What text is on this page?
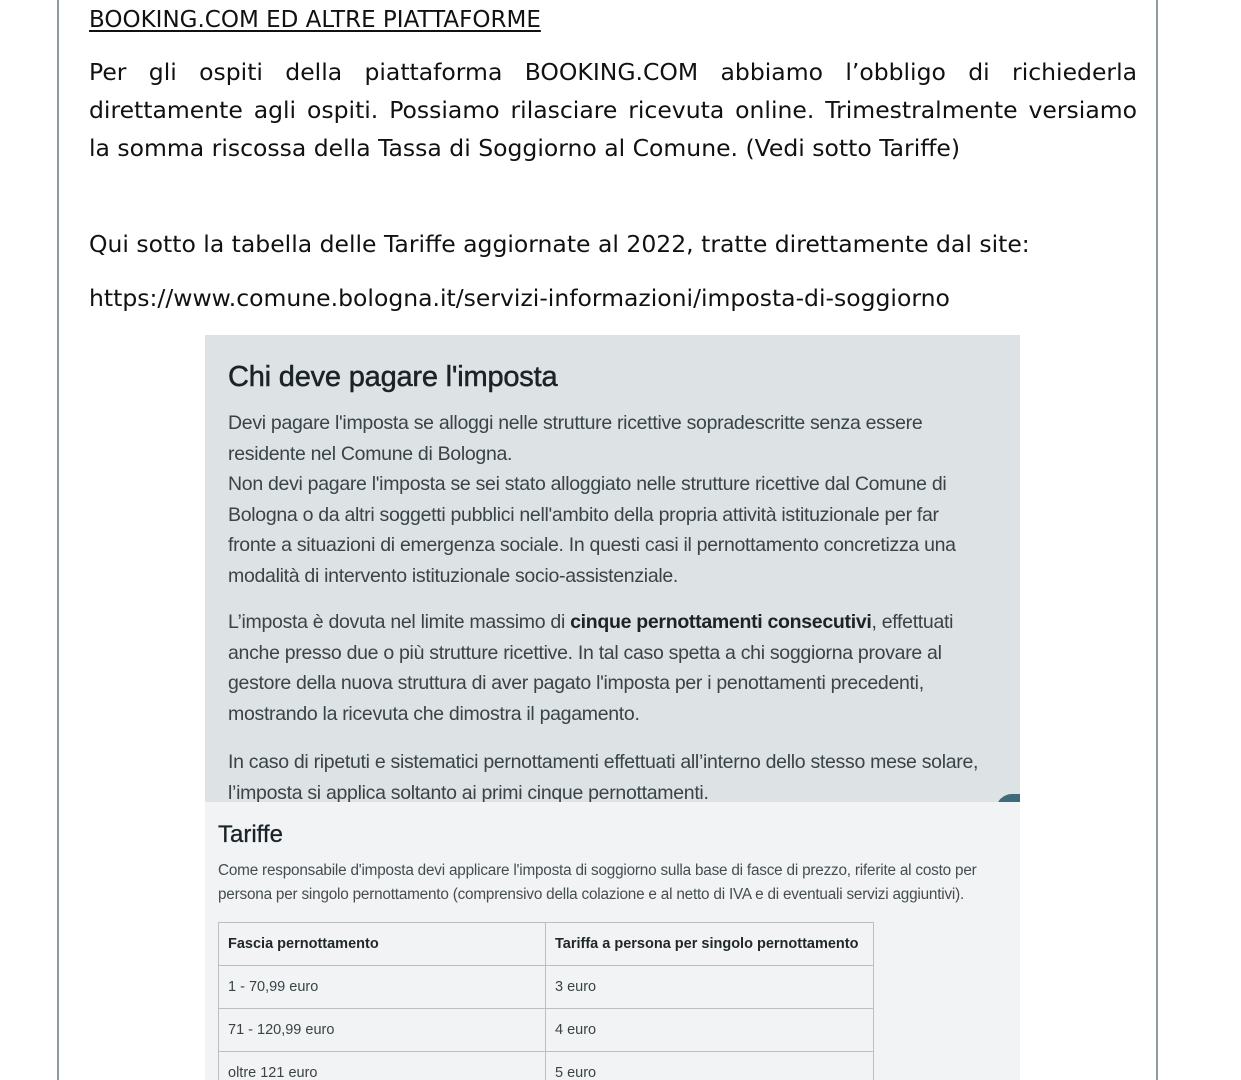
BOOKING.COM ED ALTRE PIATTAFORME
Per gli ospiti della piattaforma BOOKING.COM abbiamo l’obbligo di richiederla direttamente agli ospiti. Possiamo rilasciare ricevuta online. Trimestralmente versiamo la somma riscossa della Tassa di Soggiorno al Comune. (Vedi sotto Tariffe)
Qui sotto la tabella delle Tariffe aggiornate al 2022, tratte direttamente dal site:
https://www.comune.bologna.it/servizi-informazioni/imposta-di-soggiorno
Chi deve pagare l'imposta
Devi pagare l'imposta se alloggi nelle strutture ricettive sopradescritte senza essere residente nel Comune di Bologna.
Non devi pagare l'imposta se sei stato alloggiato nelle strutture ricettive dal Comune di Bologna o da altri soggetti pubblici nell'ambito della propria attività istituzionale per far fronte a situazioni di emergenza sociale. In questi casi il pernottamento concretizza una modalità di intervento istituzionale socio-assistenziale.
L’imposta è dovuta nel limite massimo di cinque pernottamenti consecutivi, effettuati anche presso due o più strutture ricettive. In tal caso spetta a chi soggiorna provare al gestore della nuova struttura di aver pagato l'imposta per i penottamenti precedenti, mostrando la ricevuta che dimostra il pagamento.
In caso di ripetuti e sistematici pernottamenti effettuati all’interno dello stesso mese solare, l’imposta si applica soltanto ai primi cinque pernottamenti.
Tariffe
Come responsabile d'imposta devi applicare l'imposta di soggiorno sulla base di fasce di prezzo, riferite al costo per persona per singolo pernottamento (comprensivo della colazione e al netto di IVA e di eventuali servizi aggiuntivi).
Fascia pernottamento	Tariffa a persona per singolo pernottamento
1 - 70,99 euro	3 euro
71 - 120,99 euro	4 euro
oltre 121 euro	5 euro
